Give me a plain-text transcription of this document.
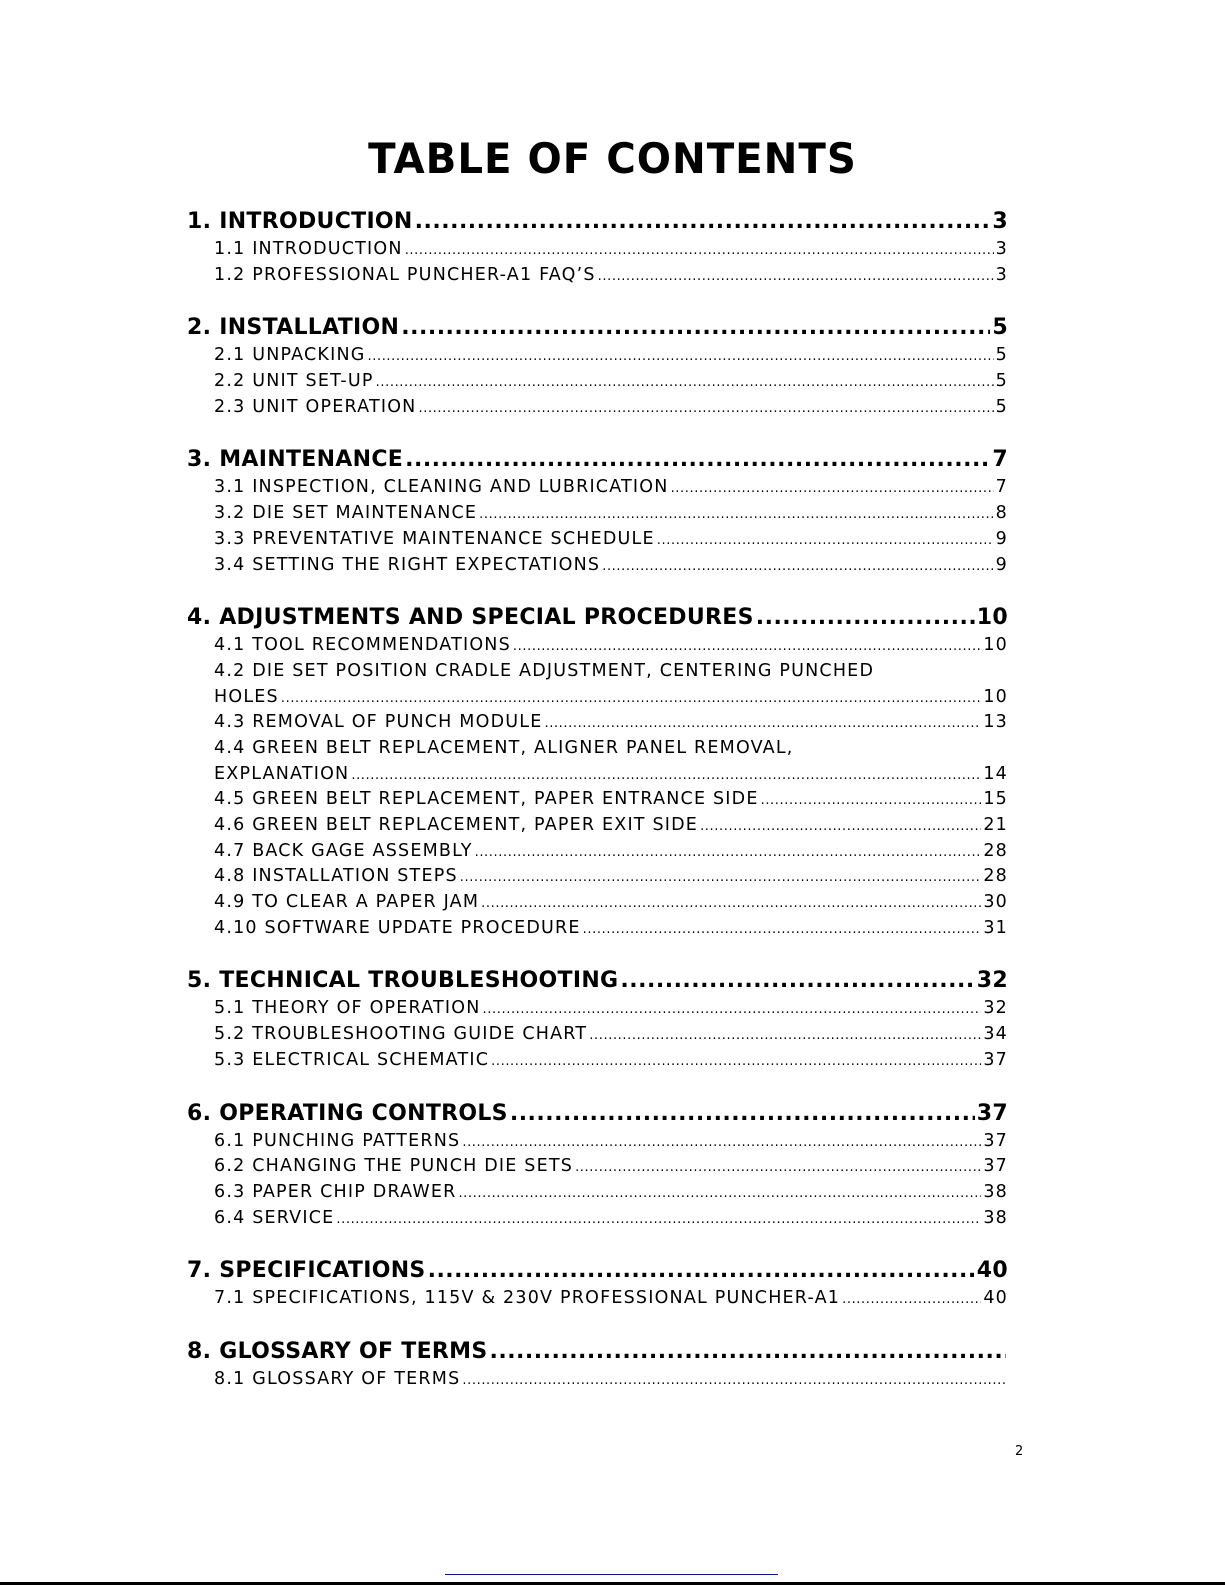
TABLE OF CONTENTS
1. INTRODUCTION .....	3
1.1 INTRODUCTION .....	3
1.2 PROFESSIONAL PUNCHER-A1 FAQ’S .....	3
2. INSTALLATION .....	5
2.1 UNPACKING .....	5
2.2 UNIT SET-UP .....	5
2.3 UNIT OPERATION .....	5
3. MAINTENANCE .....	7
3.1 INSPECTION, CLEANING AND LUBRICATION .....	7
3.2 DIE SET MAINTENANCE .....	8
3.3 PREVENTATIVE MAINTENANCE SCHEDULE .....	9
3.4 SETTING THE RIGHT EXPECTATIONS .....	9
4. ADJUSTMENTS AND SPECIAL PROCEDURES .....	10
4.1 TOOL RECOMMENDATIONS .....	10
4.2 DIE SET POSITION CRADLE ADJUSTMENT, CENTERING PUNCHED
HOLES .....	10
4.3 REMOVAL OF PUNCH MODULE .....	13
4.4 GREEN BELT REPLACEMENT, ALIGNER PANEL REMOVAL,
EXPLANATION .....	14
4.5 GREEN BELT REPLACEMENT, PAPER ENTRANCE SIDE .....	15
4.6 GREEN BELT REPLACEMENT, PAPER EXIT SIDE .....	21
4.7 BACK GAGE ASSEMBLY .....	28
4.8 INSTALLATION STEPS .....	28
4.9 TO CLEAR A PAPER JAM .....	30
4.10 SOFTWARE UPDATE PROCEDURE .....	31
5. TECHNICAL TROUBLESHOOTING .....	32
5.1 THEORY OF OPERATION .....	32
5.2 TROUBLESHOOTING GUIDE CHART .....	34
5.3 ELECTRICAL SCHEMATIC .....	37
6. OPERATING CONTROLS .....	37
6.1 PUNCHING PATTERNS .....	37
6.2 CHANGING THE PUNCH DIE SETS .....	37
6.3 PAPER CHIP DRAWER .....	38
6.4 SERVICE .....	38
7. SPECIFICATIONS .....	40
7.1 SPECIFICATIONS, 115V & 230V PROFESSIONAL PUNCHER-A1 .....	40
8. GLOSSARY OF TERMS
.....
8.1 GLOSSARY OF TERMS
.....
2
